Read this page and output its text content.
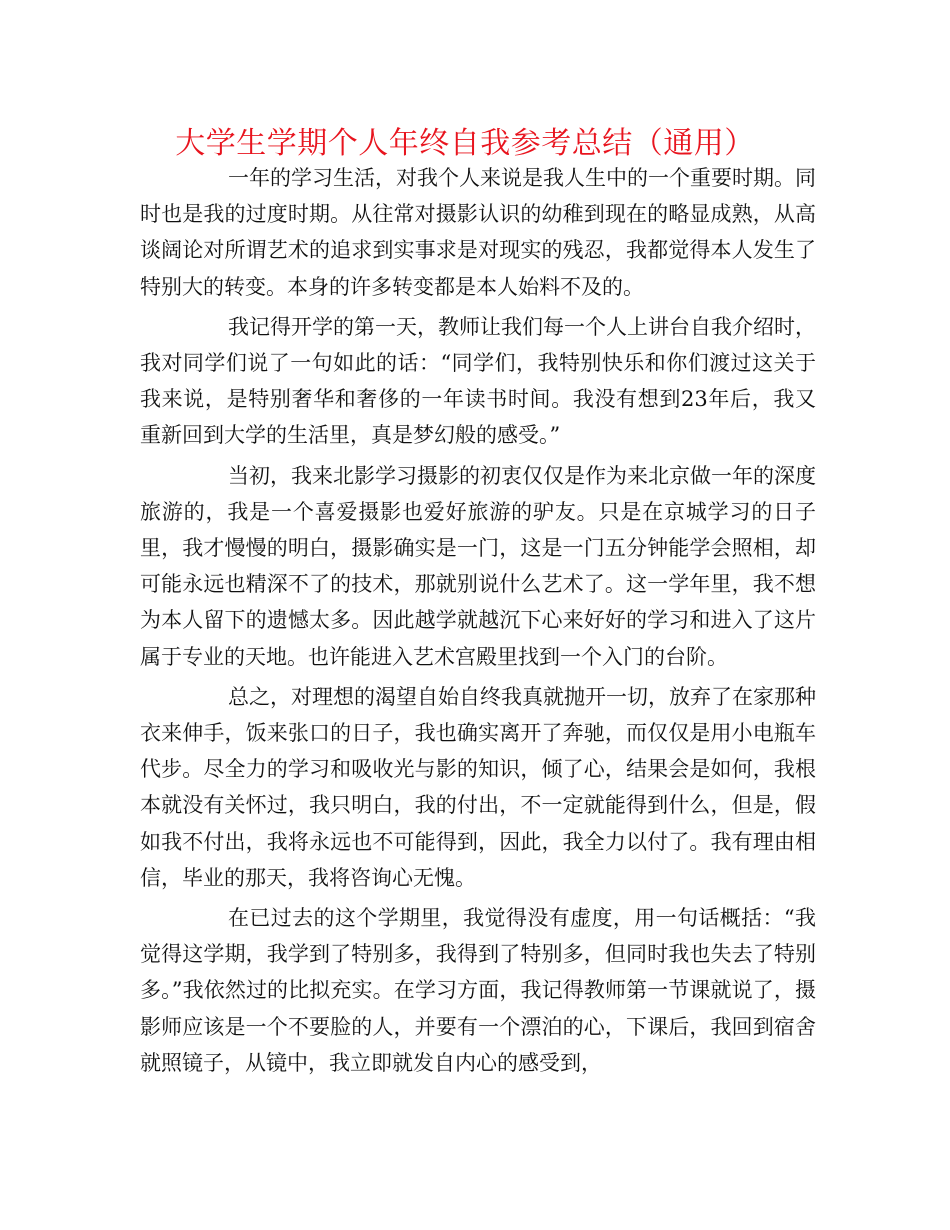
大学生学期个人年终自我参考总结（通用）

一年的学习生活，对我个人来说是我人生中的一个重要时期。同时也是我的过度时期。从往常对摄影认识的幼稚到现在的略显成熟，从高谈阔论对所谓艺术的追求到实事求是对现实的残忍，我都觉得本人发生了特别大的转变。本身的许多转变都是本人始料不及的。

我记得开学的第一天，教师让我们每一个人上讲台自我介绍时，我对同学们说了一句如此的话：“同学们，我特别快乐和你们渡过这关于我来说，是特别奢华和奢侈的一年读书时间。我没有想到23年后，我又重新回到大学的生活里，真是梦幻般的感受。”

当初，我来北影学习摄影的初衷仅仅是作为来北京做一年的深度旅游的，我是一个喜爱摄影也爱好旅游的驴友。只是在京城学习的日子里，我才慢慢的明白，摄影确实是一门，这是一门五分钟能学会照相，却可能永远也精深不了的技术，那就别说什么艺术了。这一学年里，我不想为本人留下的遗憾太多。因此越学就越沉下心来好好的学习和进入了这片属于专业的天地。也许能进入艺术宫殿里找到一个入门的台阶。

总之，对理想的渴望自始自终我真就抛开一切，放弃了在家那种衣来伸手，饭来张口的日子，我也确实离开了奔驰，而仅仅是用小电瓶车代步。尽全力的学习和吸收光与影的知识，倾了心，结果会是如何，我根本就没有关怀过，我只明白，我的付出，不一定就能得到什么，但是，假如我不付出，我将永远也不可能得到，因此，我全力以付了。我有理由相信，毕业的那天，我将咨询心无愧。

在已过去的这个学期里，我觉得没有虚度，用一句话概括：“我觉得这学期，我学到了特别多，我得到了特别多，但同时我也失去了特别多。”我依然过的比拟充实。在学习方面，我记得教师第一节课就说了，摄影师应该是一个不要脸的人，并要有一个漂泊的心，下课后，我回到宿舍就照镜子，从镜中，我立即就发自内心的感受到，
